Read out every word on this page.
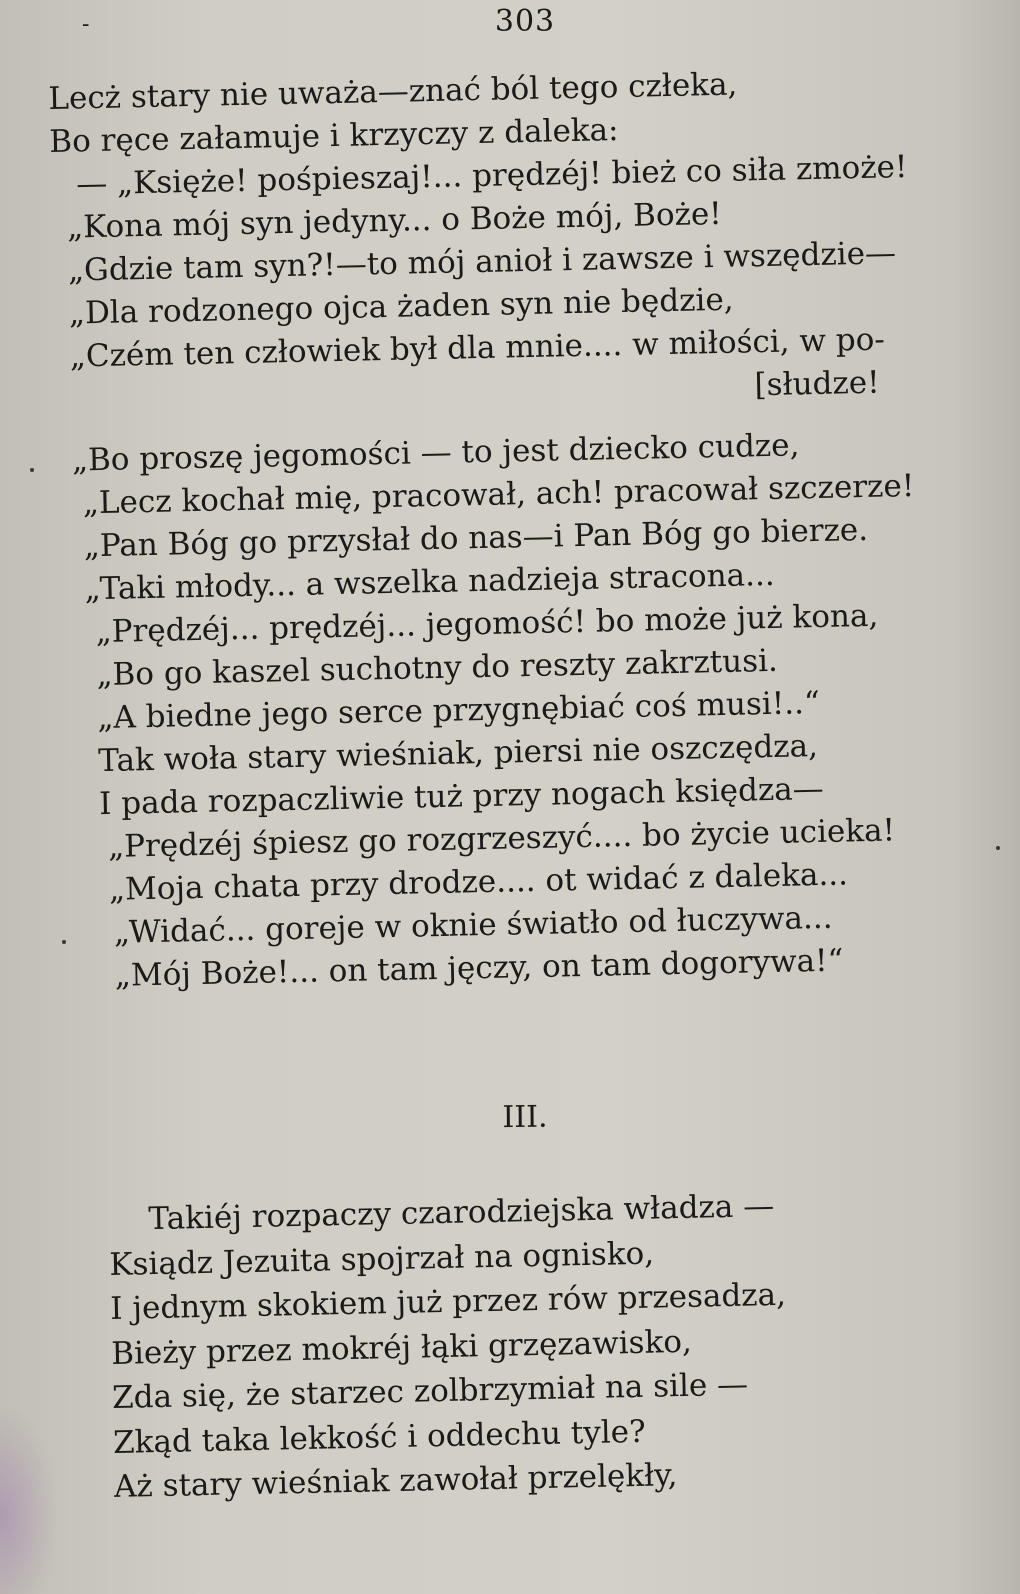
-	303
Lecż stary nie uważa—znać ból tego człeka,
Bo ręce załamuje i krzyczy z daleka:
— „Księże! pośpieszaj!... prędzéj! bież co siła zmoże!
„Kona mój syn jedyny... o Boże mój, Boże!
„Gdzie tam syn?!—to mój anioł i zawsze i wszędzie—
„Dla rodzonego ojca żaden syn nie będzie,
„Czém ten człowiek był dla mnie.... w miłości, w po-
[słudze!
„Bo proszę jegomości — to jest dziecko cudze,
„Lecz kochał mię, pracował, ach! pracował szczerze!
„Pan Bóg go przysłał do nas—i Pan Bóg go bierze.
„Taki młody... a wszelka nadzieja stracona...
„Prędzéj... prędzéj... jegomość! bo może już kona,
„Bo go kaszel suchotny do reszty zakrztusi.
„A biedne jego serce przygnębiać coś musi!..“
Tak woła stary wieśniak, piersi nie oszczędza,
I pada rozpaczliwie tuż przy nogach księdza—
„Prędzéj śpiesz go rozgrzeszyć.... bo życie ucieka!
„Moja chata przy drodze.... ot widać z daleka...
„Widać... goreje w oknie światło od łuczywa...
„Mój Boże!... on tam jęczy, on tam dogorywa!“
III.
Takiéj rozpaczy czarodziejska władza —
Ksiądz Jezuita spojrzał na ognisko,
I jednym skokiem już przez rów przesadza,
Bieży przez mokréj łąki grzęzawisko,
Zda się, że starzec zolbrzymiał na sile —
Zkąd taka lekkość i oddechu tyle?
Aż stary wieśniak zawołał przelękły,
